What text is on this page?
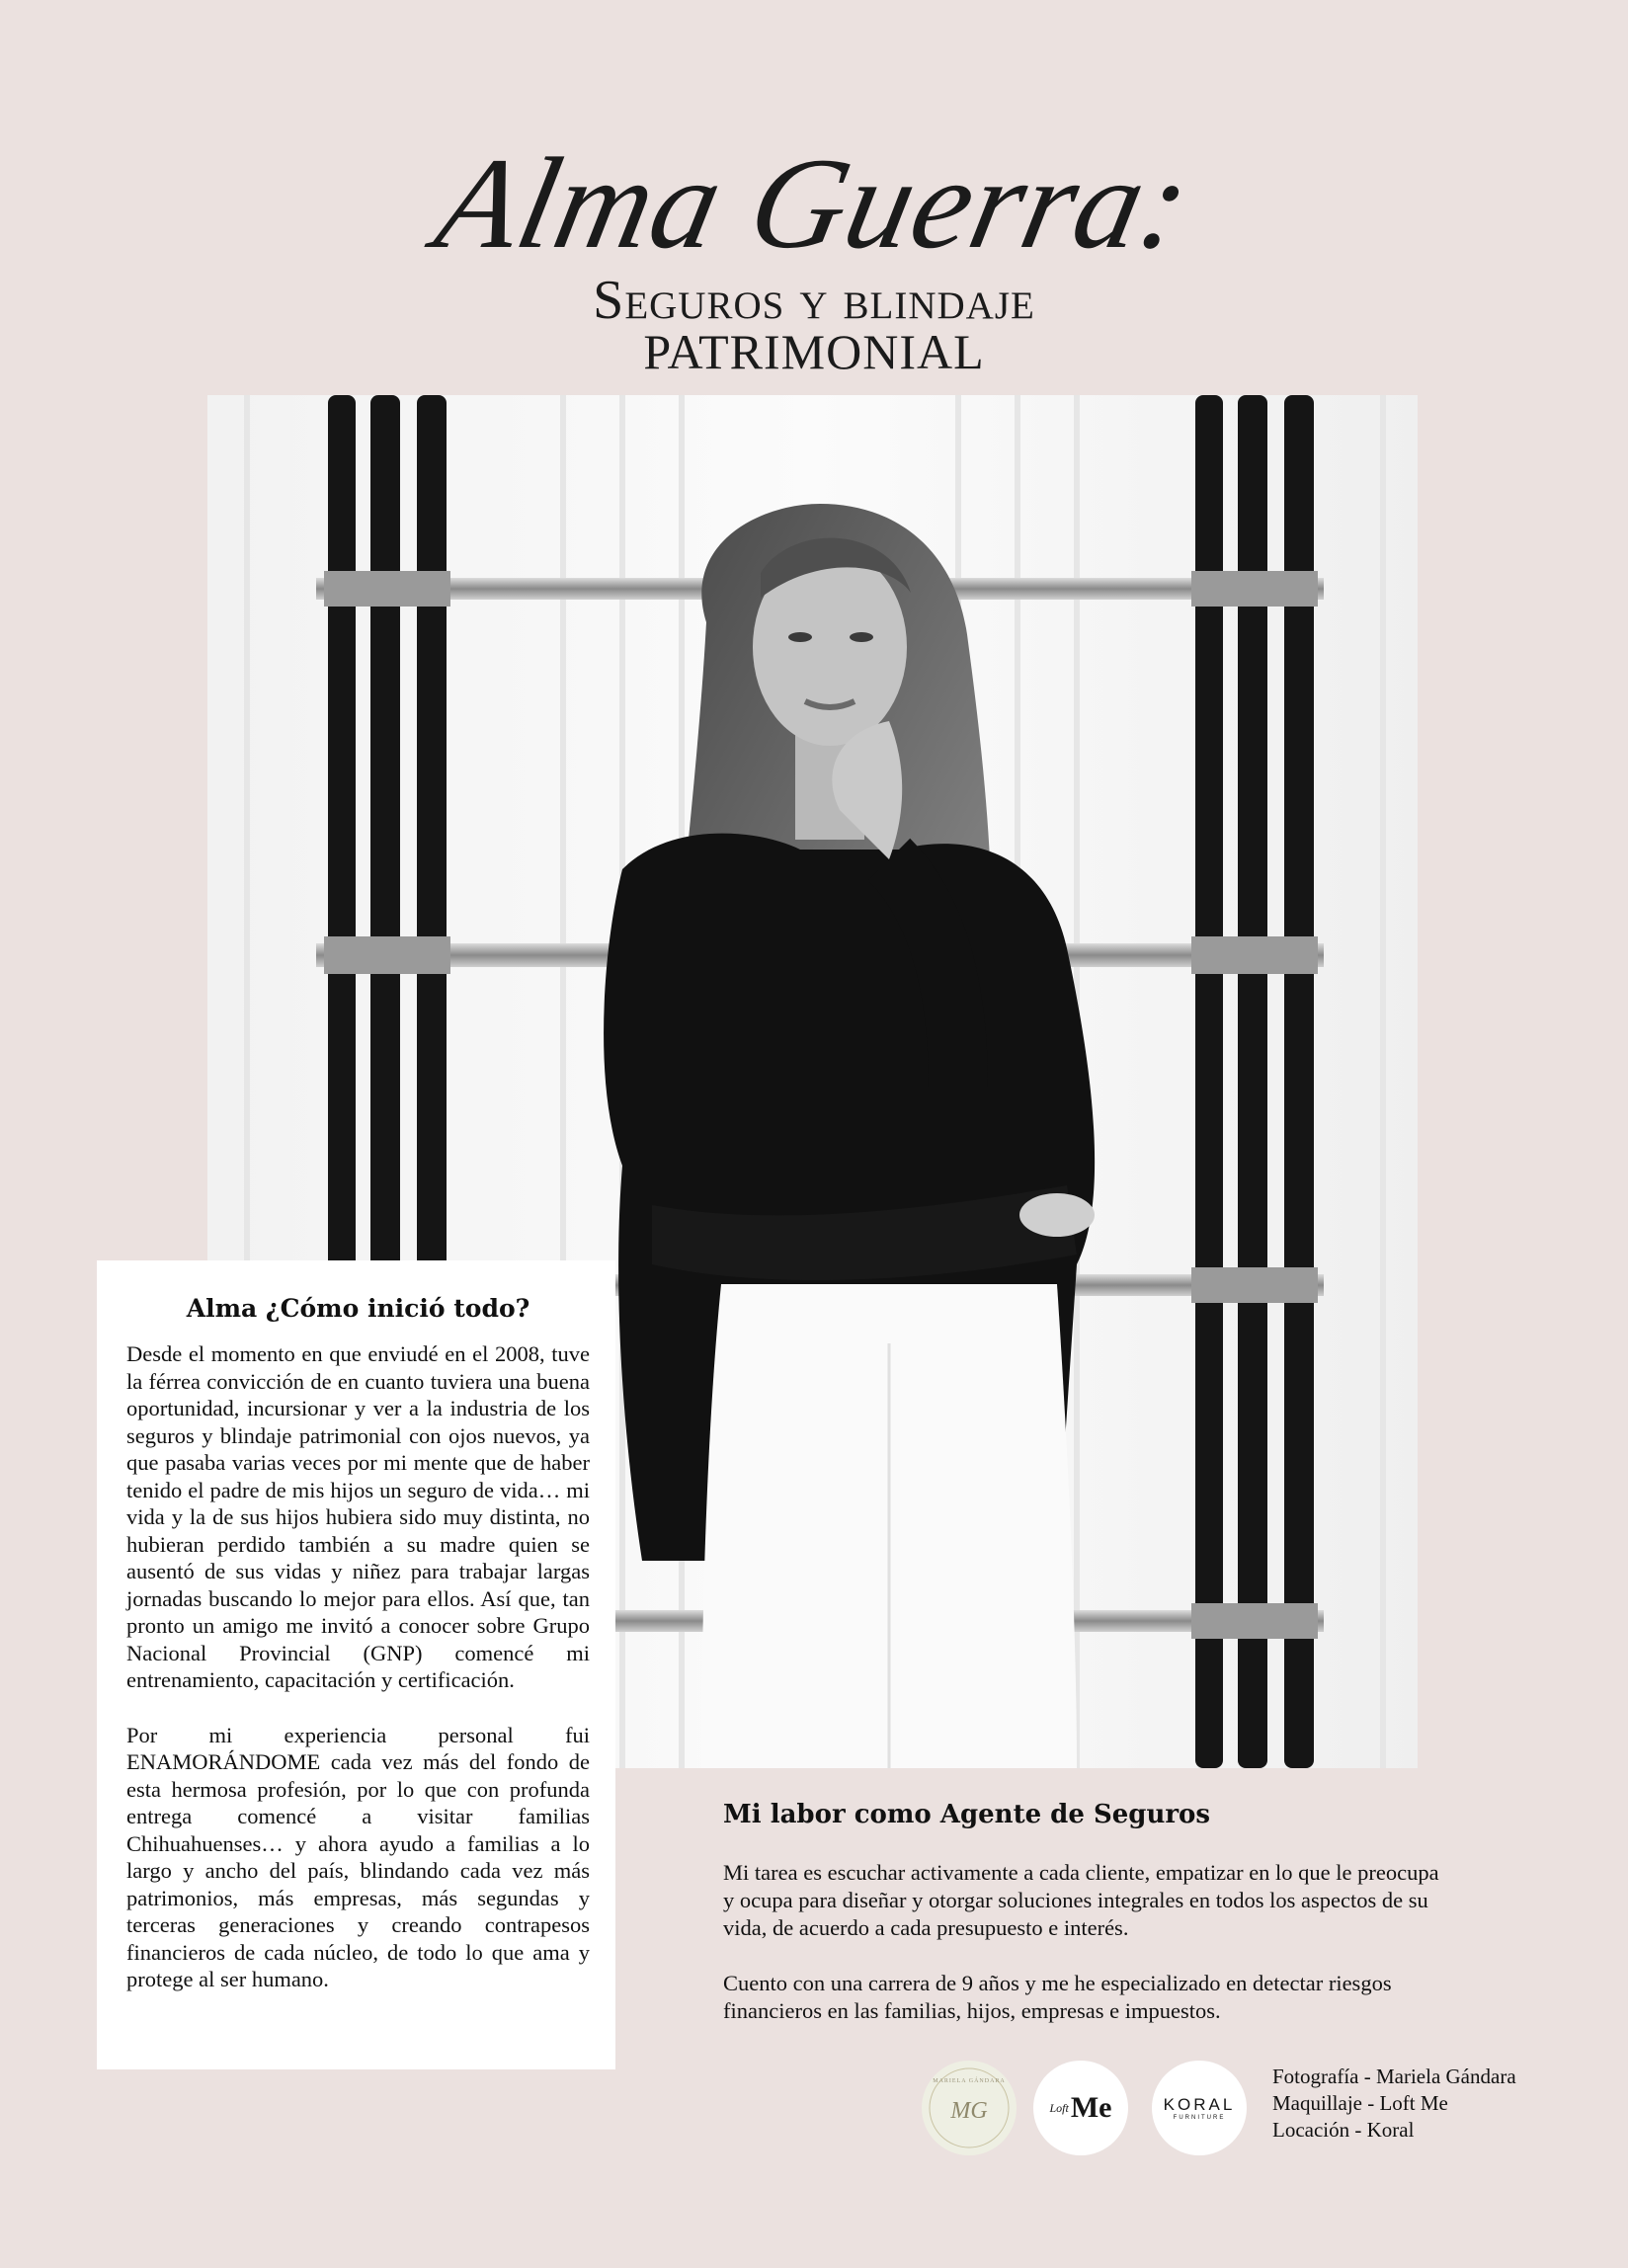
Alma Guerra:
Seguros y blindaje
PATRIMONIAL
Alma ¿Cómo inició todo?

Desde el momento en que enviudé en el 2008, tuve la férrea convicción de en cuanto tuviera una buena oportunidad, incursionar y ver a la industria de los seguros y blindaje patrimonial con ojos nuevos, ya que pasaba varias veces por mi mente que de haber tenido el padre de mis hijos un seguro de vida… mi vida y la de sus hijos hubiera sido muy distinta, no hubieran perdido también a su madre quien se ausentó de sus vidas y niñez para trabajar largas jornadas buscando lo mejor para ellos. Así que, tan pronto un amigo me invitó a conocer sobre Grupo Nacional Provincial (GNP) comencé mi entrenamiento, capacitación y certificación.

Por mi experiencia personal fui ENAMORÁNDOME cada vez más del fondo de esta hermosa profesión, por lo que con profunda entrega comencé a visitar familias Chihuahuenses… y ahora ayudo a familias a lo largo y ancho del país, blindando cada vez más patrimonios, más empresas, más segundas y terceras generaciones y creando contrapesos financieros de cada núcleo, de todo lo que ama y protege al ser humano.

Mi labor como Agente de Seguros

Mi tarea es escuchar activamente a cada cliente, empatizar en lo que le preocupa y ocupa para diseñar y otorgar soluciones integrales en todos los aspectos de su vida, de acuerdo a cada presupuesto e interés.

Cuento con una carrera de 9 años y me he especializado en detectar riesgos financieros en las familias, hijos, empresas e impuestos.

MARIELA GÁNDARA
MG	Loft Me	KORAL
FURNITURE
Fotografía - Mariela Gándara
Maquillaje - Loft Me
Locación - Koral
